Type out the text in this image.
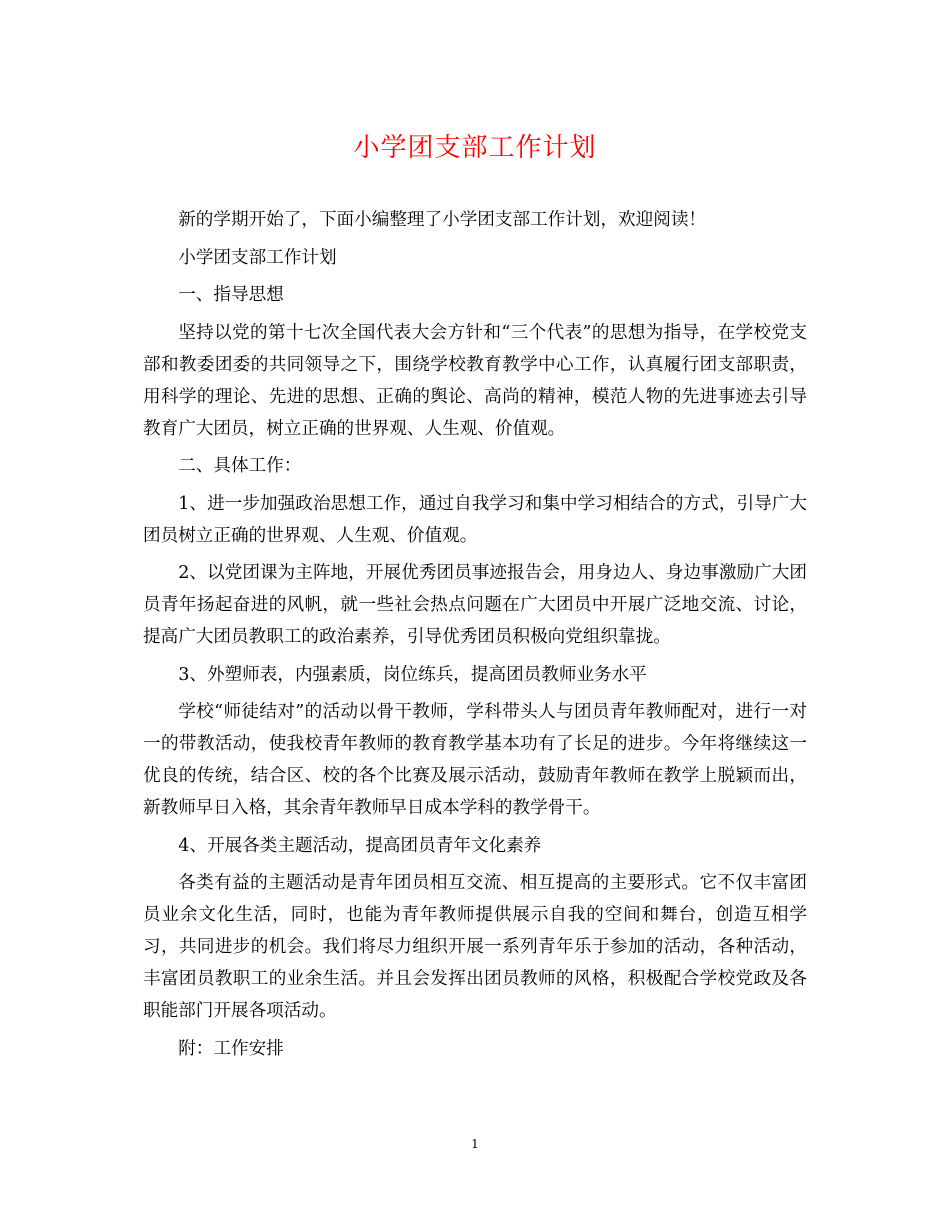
小学团支部工作计划

新的学期开始了，下面小编整理了小学团支部工作计划，欢迎阅读！

小学团支部工作计划

一、指导思想

坚持以党的第十七次全国代表大会方针和“三个代表”的思想为指导，在学校党支部和教委团委的共同领导之下，围绕学校教育教学中心工作，认真履行团支部职责，用科学的理论、先进的思想、正确的舆论、高尚的精神，模范人物的先进事迹去引导教育广大团员，树立正确的世界观、人生观、价值观。

二、具体工作：

1、进一步加强政治思想工作，通过自我学习和集中学习相结合的方式，引导广大团员树立正确的世界观、人生观、价值观。

2、以党团课为主阵地，开展优秀团员事迹报告会，用身边人、身边事激励广大团员青年扬起奋进的风帆，就一些社会热点问题在广大团员中开展广泛地交流、讨论，提高广大团员教职工的政治素养，引导优秀团员积极向党组织靠拢。

3、外塑师表，内强素质，岗位练兵，提高团员教师业务水平

学校“师徒结对”的活动以骨干教师，学科带头人与团员青年教师配对，进行一对一的带教活动，使我校青年教师的教育教学基本功有了长足的进步。今年将继续这一优良的传统，结合区、校的各个比赛及展示活动，鼓励青年教师在教学上脱颖而出，新教师早日入格，其余青年教师早日成本学科的教学骨干。

4、开展各类主题活动，提高团员青年文化素养

各类有益的主题活动是青年团员相互交流、相互提高的主要形式。它不仅丰富团员业余文化生活，同时，也能为青年教师提供展示自我的空间和舞台，创造互相学习，共同进步的机会。我们将尽力组织开展一系列青年乐于参加的活动，各种活动，丰富团员教职工的业余生活。并且会发挥出团员教师的风格，积极配合学校党政及各职能部门开展各项活动。

附：工作安排

1
